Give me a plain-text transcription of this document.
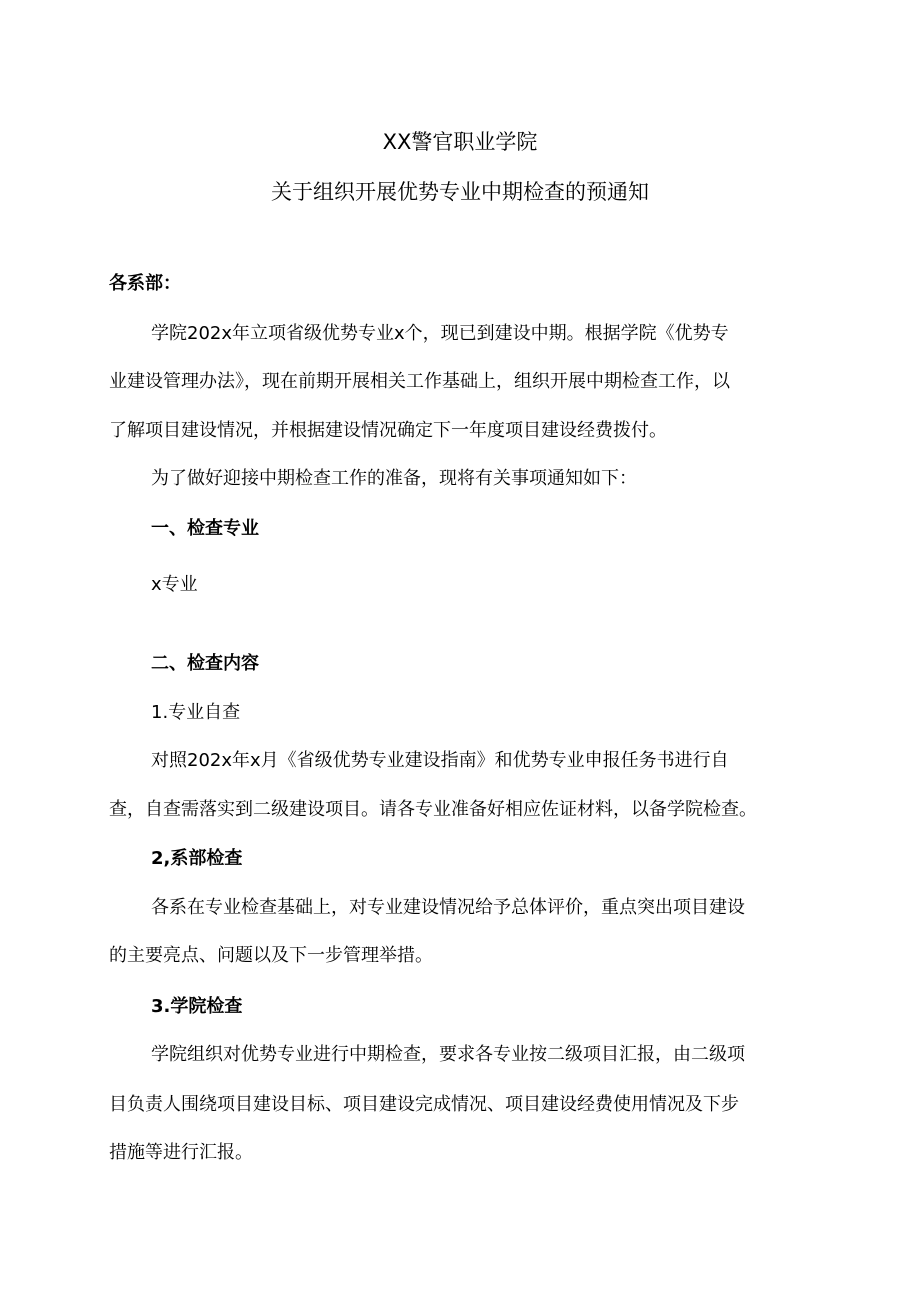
XX警官职业学院
关于组织开展优势专业中期检查的预通知
各系部：
学院202x年立项省级优势专业x个，现已到建设中期。根据学院《优势专
业建设管理办法》，现在前期开展相关工作基础上，组织开展中期检查工作，以
了解项目建设情况，并根据建设情况确定下一年度项目建设经费拨付。
为了做好迎接中期检查工作的准备，现将有关事项通知如下：
一、检查专业
x专业
二、检查内容
1.专业自查
对照202x年x月《省级优势专业建设指南》和优势专业申报任务书进行自
查，自查需落实到二级建设项目。请各专业准备好相应佐证材料，以备学院检查。
2,系部检查
各系在专业检查基础上，对专业建设情况给予总体评价，重点突出项目建设
的主要亮点、问题以及下一步管理举措。
3.学院检查
学院组织对优势专业进行中期检查，要求各专业按二级项目汇报，由二级项
目负责人围绕项目建设目标、项目建设完成情况、项目建设经费使用情况及下步
措施等进行汇报。
